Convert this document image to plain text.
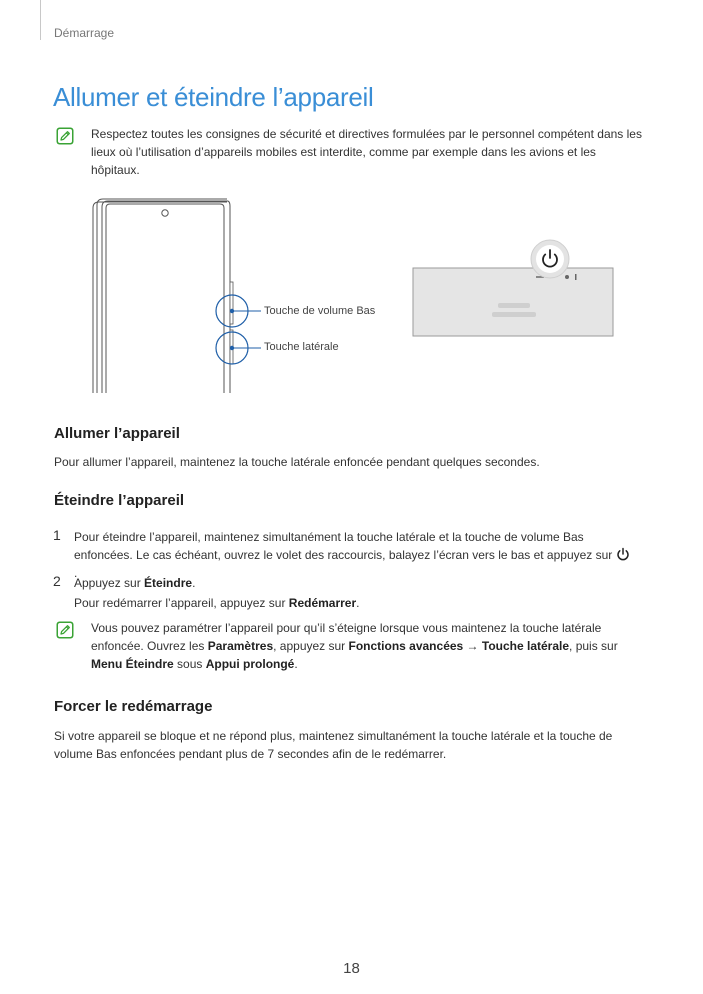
Démarrage
Allumer et éteindre l’appareil

Respectez toutes les consignes de sécurité et directives formulées par le personnel compétent dans les lieux où l’utilisation d’appareils mobiles est interdite, comme par exemple dans les avions et les hôpitaux.

Touche de volume Bas
Touche latérale
Allumer l’appareil

Pour allumer l’appareil, maintenez la touche latérale enfoncée pendant quelques secondes.

Éteindre l’appareil
1 Pour éteindre l’appareil, maintenez simultanément la touche latérale et la touche de volume Bas enfoncées. Le cas échéant, ouvrez le volet des raccourcis, balayez l’écran vers le bas et appuyez sur .

2 Appuyez sur Éteindre.

Pour redémarrer l’appareil, appuyez sur Redémarrer.

Vous pouvez paramétrer l’appareil pour qu’il s’éteigne lorsque vous maintenez la touche latérale enfoncée. Ouvrez les Paramètres, appuyez sur Fonctions avancées → Touche latérale, puis sur Menu Éteindre sous Appui prolongé.

Forcer le redémarrage

Si votre appareil se bloque et ne répond plus, maintenez simultanément la touche latérale et la touche de volume Bas enfoncées pendant plus de 7 secondes afin de le redémarrer.

18
